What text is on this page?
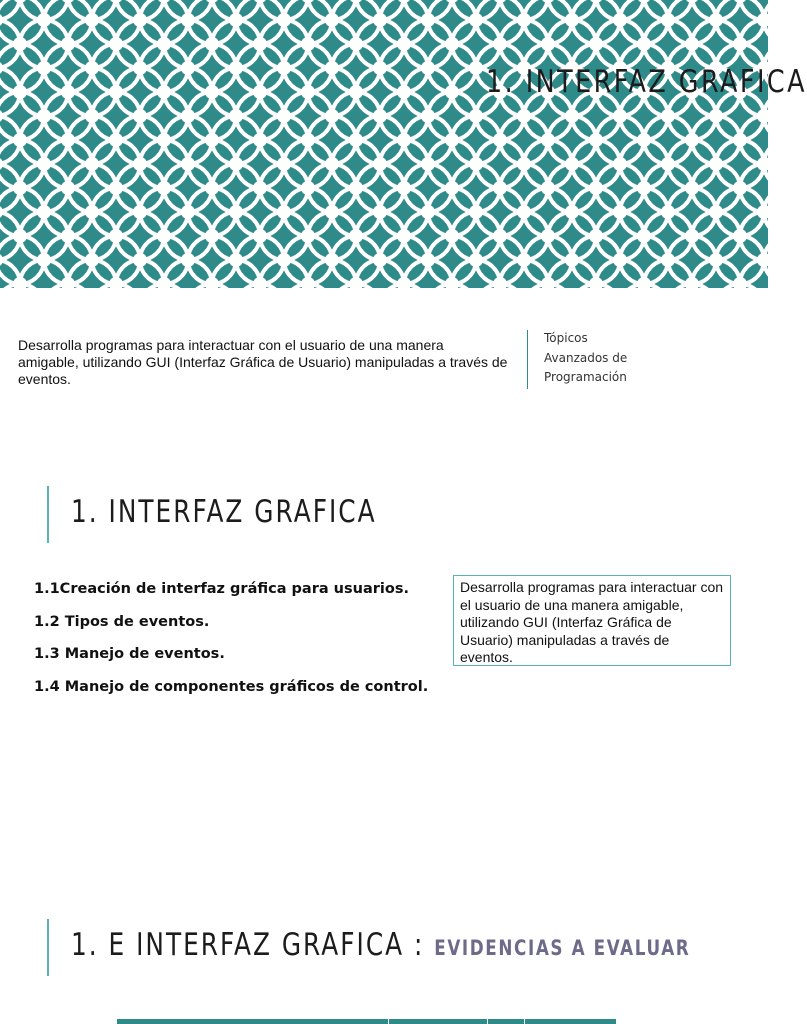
1. INTERFAZ GRAFICA
Desarrolla programas para interactuar con el usuario de una manera amigable, utilizando GUI (Interfaz Gráfica de Usuario) manipuladas a través de eventos.
Tópicos
Avanzados de
Programación
1. INTERFAZ GRAFICA
1.1Creación de interfaz gráfica para usuarios.
1.2 Tipos de eventos.
1.3 Manejo de eventos.
1.4 Manejo de componentes gráficos de control.
Desarrolla programas para interactuar con el usuario de una manera amigable, utilizando GUI (Interfaz Gráfica de Usuario) manipuladas a través de eventos.
1. E INTERFAZ GRAFICA : EVIDENCIAS A EVALUAR
